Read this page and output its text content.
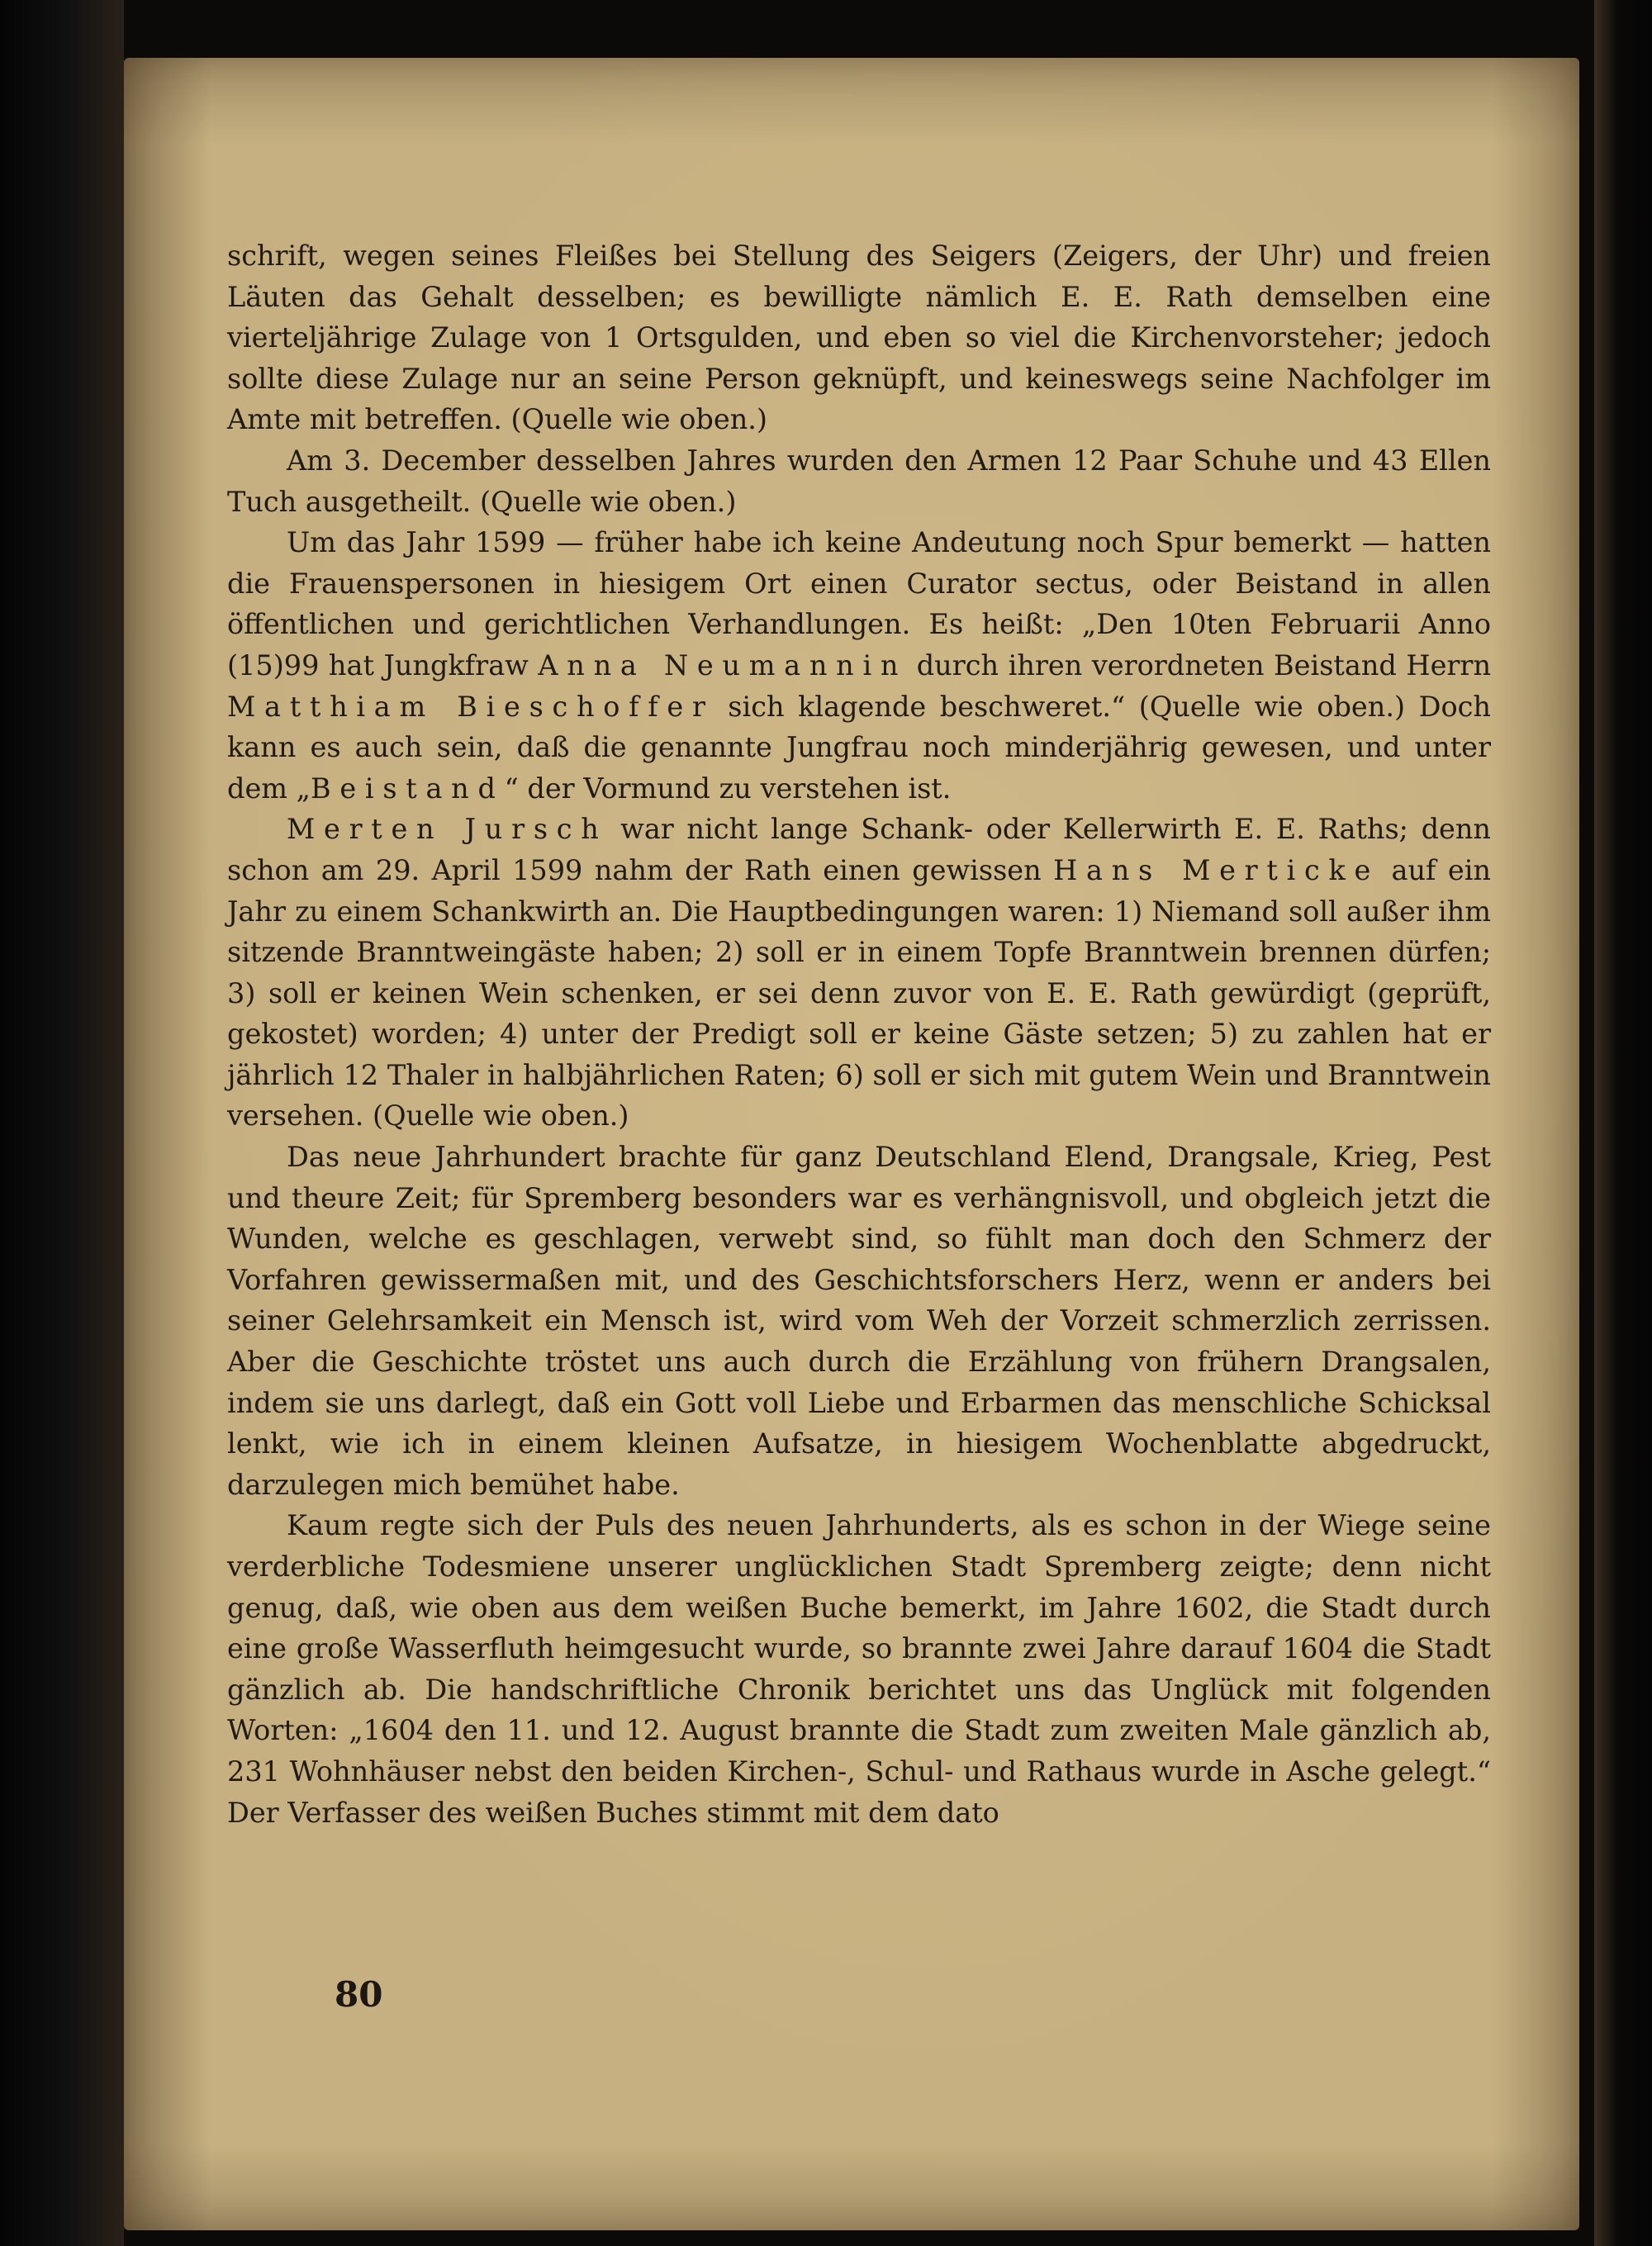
schrift, wegen seines Fleißes bei Stellung des Seigers (Zeigers, der Uhr) und freien Läuten das Gehalt desselben; es bewilligte nämlich E. E. Rath demselben eine vierteljährige Zulage von 1 Ortsgulden, und eben so viel die Kirchenvorsteher; jedoch sollte diese Zulage nur an seine Person geknüpft, und keineswegs seine Nachfolger im Amte mit betreffen. (Quelle wie oben.)

Am 3. December desselben Jahres wurden den Armen 12 Paar Schuhe und 43 Ellen Tuch ausgetheilt. (Quelle wie oben.)

Um das Jahr 1599 — früher habe ich keine Andeutung noch Spur bemerkt — hatten die Frauenspersonen in hiesigem Ort einen Curator sectus, oder Beistand in allen öffentlichen und gerichtlichen Verhandlungen. Es heißt: „Den 10ten Februarii Anno (15)99 hat Jungkfraw Anna Neumannin durch ihren verordneten Beistand Herrn Matthiam Bieschoffer sich klagende beschweret.“ (Quelle wie oben.) Doch kann es auch sein, daß die genannte Jungfrau noch minderjährig gewesen, und unter dem „Beistand“ der Vormund zu verstehen ist.

Merten Jursch war nicht lange Schank- oder Kellerwirth E. E. Raths; denn schon am 29. April 1599 nahm der Rath einen gewissen Hans Merticke auf ein Jahr zu einem Schankwirth an. Die Hauptbedingungen waren: 1) Niemand soll außer ihm sitzende Branntweingäste haben; 2) soll er in einem Topfe Branntwein brennen dürfen; 3) soll er keinen Wein schenken, er sei denn zuvor von E. E. Rath gewürdigt (geprüft, gekostet) worden; 4) unter der Predigt soll er keine Gäste setzen; 5) zu zahlen hat er jährlich 12 Thaler in halbjährlichen Raten; 6) soll er sich mit gutem Wein und Branntwein versehen. (Quelle wie oben.)

Das neue Jahrhundert brachte für ganz Deutschland Elend, Drangsale, Krieg, Pest und theure Zeit; für Spremberg besonders war es verhängnisvoll, und obgleich jetzt die Wunden, welche es geschlagen, verwebt sind, so fühlt man doch den Schmerz der Vorfahren gewissermaßen mit, und des Geschichtsforschers Herz, wenn er anders bei seiner Gelehrsamkeit ein Mensch ist, wird vom Weh der Vorzeit schmerzlich zerrissen. Aber die Geschichte tröstet uns auch durch die Erzählung von frühern Drangsalen, indem sie uns darlegt, daß ein Gott voll Liebe und Erbarmen das menschliche Schicksal lenkt, wie ich in einem kleinen Aufsatze, in hiesigem Wochenblatte abgedruckt, darzulegen mich bemühet habe.

Kaum regte sich der Puls des neuen Jahrhunderts, als es schon in der Wiege seine verderbliche Todesmiene unserer unglücklichen Stadt Spremberg zeigte; denn nicht genug, daß, wie oben aus dem weißen Buche bemerkt, im Jahre 1602, die Stadt durch eine große Wasserfluth heimgesucht wurde, so brannte zwei Jahre darauf 1604 die Stadt gänzlich ab. Die handschriftliche Chronik berichtet uns das Unglück mit folgenden Worten: „1604 den 11. und 12. August brannte die Stadt zum zweiten Male gänzlich ab, 231 Wohnhäuser nebst den beiden Kirchen-, Schul- und Rathaus wurde in Asche gelegt.“ Der Verfasser des weißen Buches stimmt mit dem dato

80
